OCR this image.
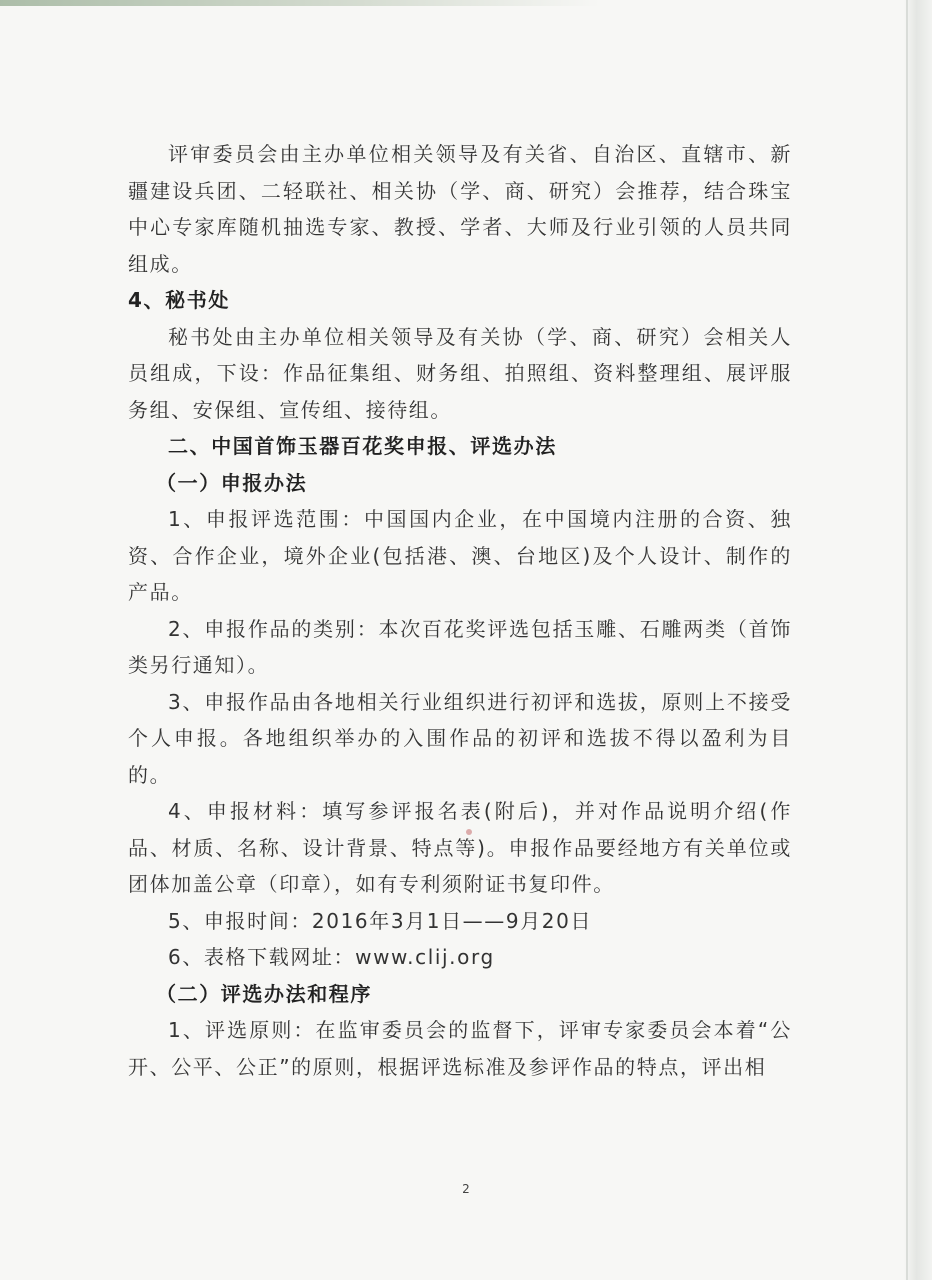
评审委员会由主办单位相关领导及有关省、自治区、直辖市、新疆建设兵团、二轻联社、相关协（学、商、研究）会推荐，结合珠宝中心专家库随机抽选专家、教授、学者、大师及行业引领的人员共同组成。

4、秘书处

秘书处由主办单位相关领导及有关协（学、商、研究）会相关人员组成，下设：作品征集组、财务组、拍照组、资料整理组、展评服务组、安保组、宣传组、接待组。

二、中国首饰玉器百花奖申报、评选办法

（一）申报办法

1、申报评选范围：中国国内企业，在中国境内注册的合资、独资、合作企业，境外企业(包括港、澳、台地区)及个人设计、制作的产品。

2、申报作品的类别：本次百花奖评选包括玉雕、石雕两类（首饰类另行通知）。

3、申报作品由各地相关行业组织进行初评和选拔，原则上不接受个人申报。各地组织举办的入围作品的初评和选拔不得以盈利为目的。

4、申报材料：填写参评报名表(附后)，并对作品说明介绍(作品、材质、名称、设计背景、特点等)。申报作品要经地方有关单位或团体加盖公章（印章），如有专利须附证书复印件。

5、申报时间：2016年3月1日——9月20日

6、表格下载网址：www.clij.org

（二）评选办法和程序

1、评选原则：在监审委员会的监督下，评审专家委员会本着“公开、公平、公正”的原则，根据评选标准及参评作品的特点，评出相

2
